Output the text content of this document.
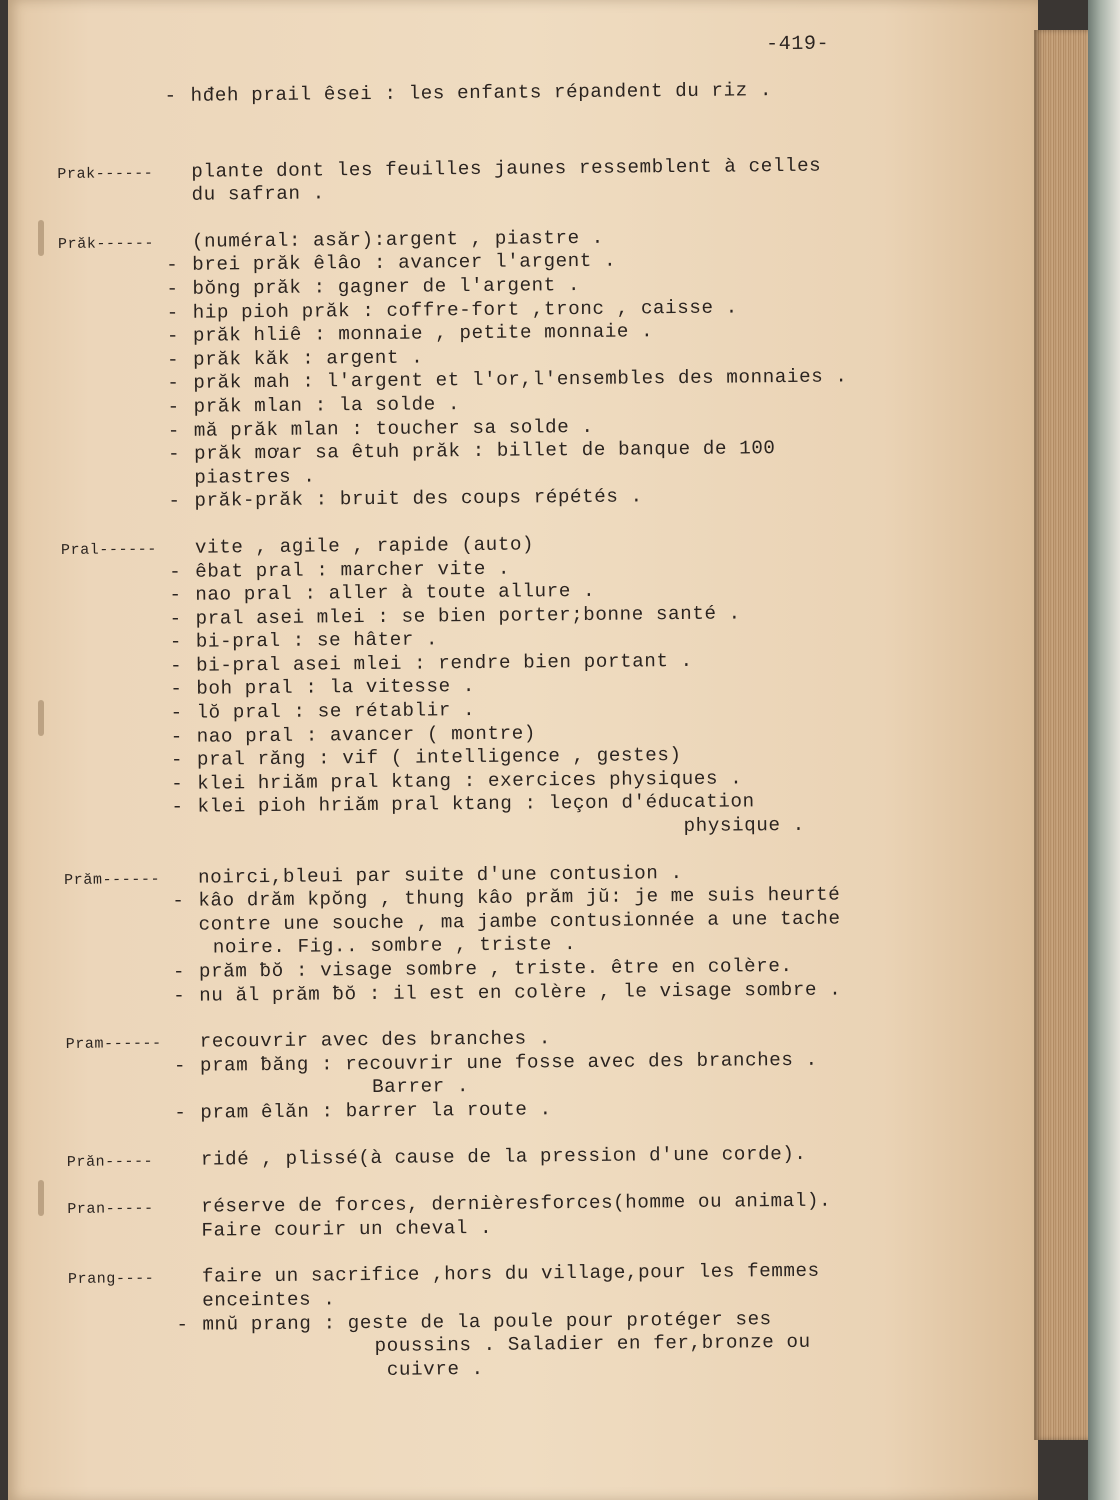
-419-
- hđeh prail êsei : les enfants répandent du riz .
Prak------	plante dont les feuilles jaunes ressemblent à celles
du safran .
Prăk------	(numéral: asăr):argent , piastre .
- brei prăk êlâo : avancer l'argent .
- bŏng prăk : gagner de l'argent .
- hip pioh prăk : coffre-fort ,tronc , caisse .
- prăk hliê : monnaie , petite monnaie .
- prăk kăk : argent .
- prăk mah : l'argent et l'or,l'ensembles des monnaies .
- prăk mlan : la solde .
- mă prăk mlan : toucher sa solde .
- prăk mơar sa êtuh prăk : billet de banque de 100
piastres .
- prăk-prăk : bruit des coups répétés .
Pral------	vite , agile , rapide (auto)
- êbat pral : marcher vite .
- nao pral : aller à toute allure .
- pral asei mlei : se bien porter;bonne santé .
- bi-pral : se hâter .
- bi-pral asei mlei : rendre bien portant .
- boh pral : la vitesse .
- lŏ pral : se rétablir .
- nao pral : avancer ( montre)
- pral răng : vif ( intelligence , gestes)
- klei hriăm pral ktang : exercices physiques .
- klei pioh hriăm pral ktang : leçon d'éducation
physique .
Prăm------	noirci,bleui par suite d'une contusion .
- kâo drăm kpŏng , thung kâo prăm jŭ: je me suis heurté
contre une souche , ma jambe contusionnée a une tache
noire. Fig.. sombre , triste .
- prăm ƀŏ : visage sombre , triste. être en colère.
- nu ăl prăm ƀŏ : il est en colère , le visage sombre .
Pram------	recouvrir avec des branches .
- pram ƀăng : recouvrir une fosse avec des branches .
Barrer .
- pram êlăn : barrer la route .
Prăn-----	ridé , plissé(à cause de la pression d'une corde).
Pran-----	réserve de forces, dernièresforces(homme ou animal).
Faire courir un cheval .
Prang----	faire un sacrifice ,hors du village,pour les femmes
enceintes .
- mnŭ prang : geste de la poule pour protéger ses
poussins . Saladier en fer,bronze ou
cuivre .
